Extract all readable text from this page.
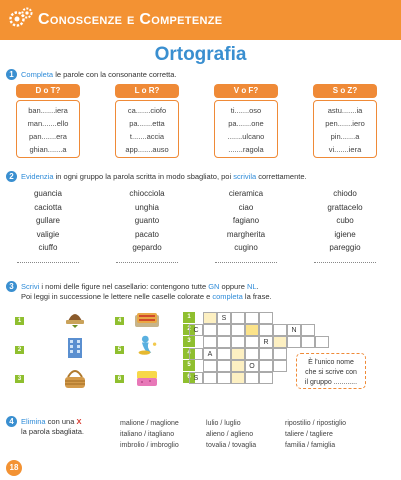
Conoscenze e Competenze
Ortografia
1 Completa le parole con la consonante corretta.
D o T?
ban.......iera
man.......ello
pan.......era
ghian.......a
L o R?
ca.......ciofo
pa.......etta
t.......accia
app.......auso
V o F?
ti.......oso
pa.......one
.......ulcano
.......ragola
S o Z?
astu.......ia
pen.......iero
pin.......a
vi.......iera
2 Evidenzia in ogni gruppo la parola scritta in modo sbagliato, poi scrivila correttamente.
guancia
caciotta
gullare
valigie
ciuffo
chiocciola
unghia
guanto
pacato
gepardo
cieramica
ciao
fagiano
margherita
cugino
chiodo
grattacelo
cubo
igiene
pareggio
3 Scrivi i nomi delle figure nel casellario: contengono tutte GN oppure NL.
Poi leggi in successione le lettere nelle caselle colorate e completa la frase.
1
2
3
4
5
6
1
2
3
4
5
6
S
C	N
R
A
O
S
È l'unico nome
che si scrive con
il gruppo ............
4 Elimina con una X
la parola sbagliata.
malione / maglione
italiano / itagliano
imbrolio / imbroglio
lulio / luglio
alieno / aglieno
tovalia / tovaglia
ripostilio / ripostiglio
taliere / tagliere
familia / famiglia
18
